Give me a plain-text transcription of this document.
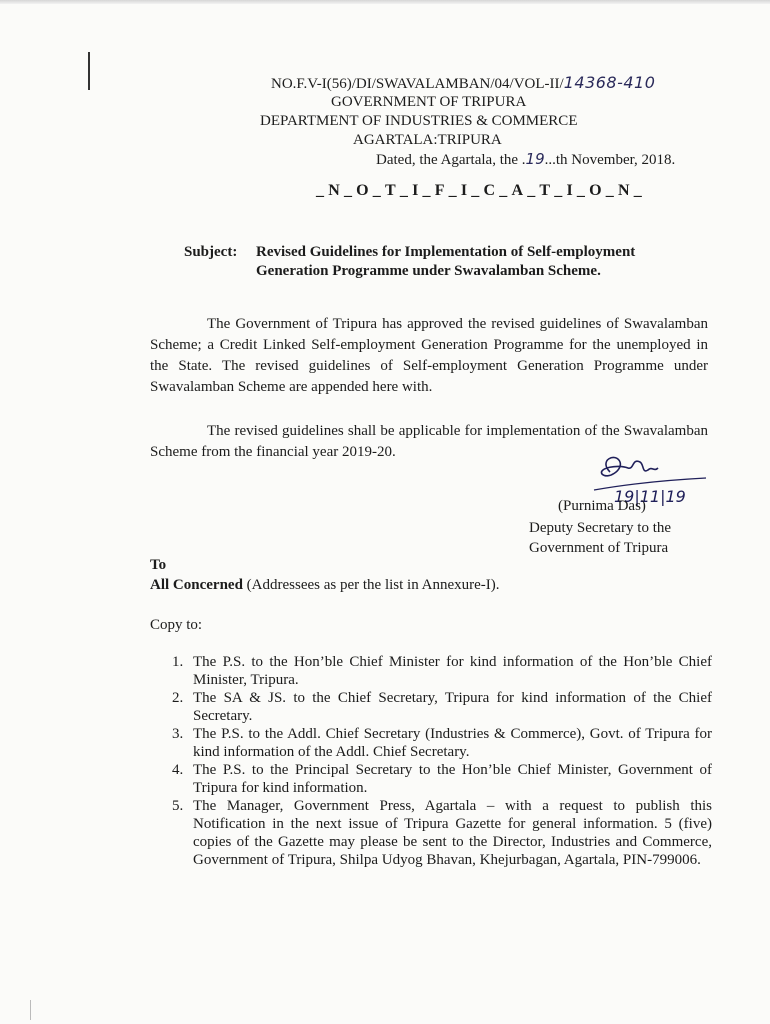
NO.F.V-I(56)/DI/SWAVALAMBAN/04/VOL-II/14368-410
GOVERNMENT OF TRIPURA
DEPARTMENT OF INDUSTRIES & COMMERCE
AGARTALA:TRIPURA
Dated, the Agartala, the .19...th November, 2018.
_N_O_T_I_F_I_C_A_T_I_O_N_
Subject: Revised Guidelines for Implementation of Self-employment
Generation Programme under Swavalamban Scheme.
The Government of Tripura has approved the revised guidelines of Swavalamban Scheme; a Credit Linked Self-employment Generation Programme for the unemployed in the State. The revised guidelines of Self-employment Generation Programme under Swavalamban Scheme are appended here with.
The revised guidelines shall be applicable for implementation of the Swavalamban Scheme from the financial year 2019-20.
19|11|19
(Purnima Das)
Deputy Secretary to the
Government of Tripura
To
All Concerned (Addressees as per the list in Annexure-I).
Copy to:
1. The P.S. to the Hon’ble Chief Minister for kind information of the Hon’ble Chief Minister, Tripura.
2. The SA & JS. to the Chief Secretary, Tripura for kind information of the Chief Secretary.
3. The P.S. to the Addl. Chief Secretary (Industries & Commerce), Govt. of Tripura for kind information of the Addl. Chief Secretary.
4. The P.S. to the Principal Secretary to the Hon’ble Chief Minister, Government of Tripura for kind information.
5. The Manager, Government Press, Agartala – with a request to publish this Notification in the next issue of Tripura Gazette for general information. 5 (five) copies of the Gazette may please be sent to the Director, Industries and Commerce, Government of Tripura, Shilpa Udyog Bhavan, Khejurbagan, Agartala, PIN-799006.
